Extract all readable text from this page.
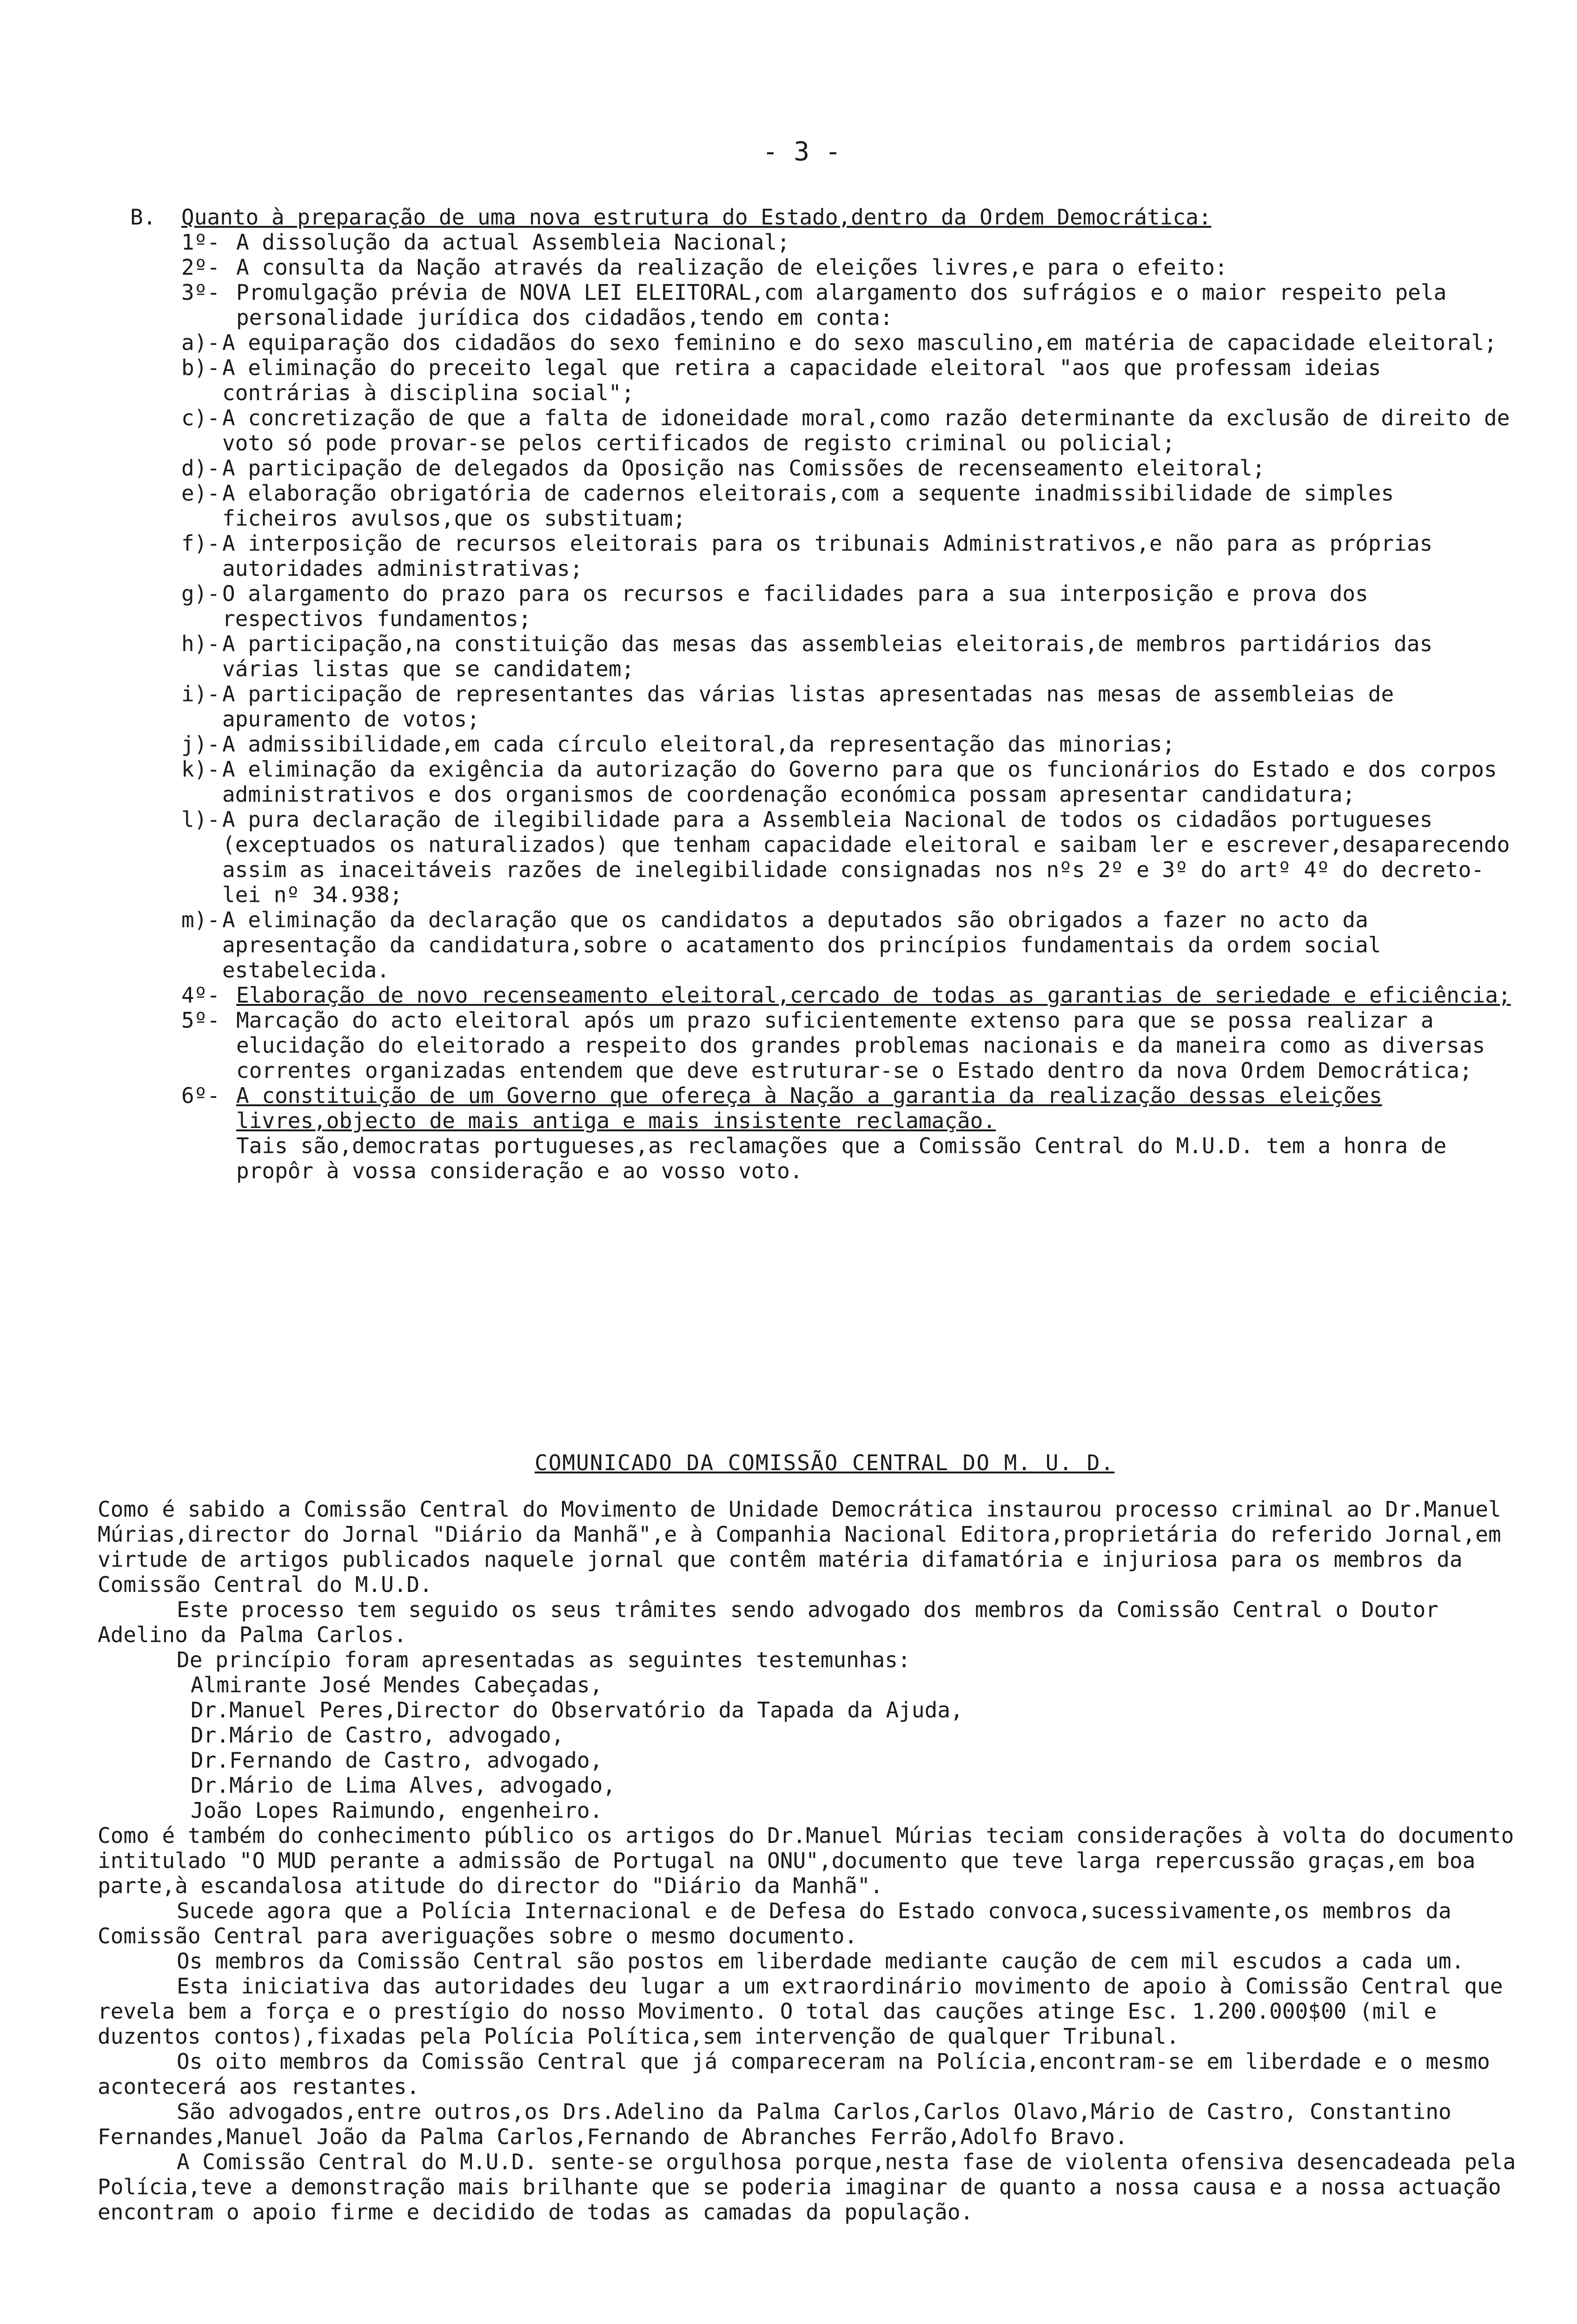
- 3 -
B.	Quanto à preparação de uma nova estrutura do Estado,dentro da Ordem Democrática:
1º- A dissolução da actual Assembleia Nacional;
2º- A consulta da Nação através da realização de eleições livres,e para o efeito:
3º- Promulgação prévia de NOVA LEI ELEITORAL,com alargamento dos sufrágios e o maior respeito pela personalidade jurídica dos cidadãos,tendo em conta:
a)- A equiparação dos cidadãos do sexo feminino e do sexo masculino,em matéria de capacidade eleitoral;
b)- A eliminação do preceito legal que retira a capacidade eleitoral "aos que professam ideias contrárias à disciplina social";
c)- A concretização de que a falta de idoneidade moral,como razão determinante da exclusão de direito de voto só pode provar-se pelos certificados de registo criminal ou policial;
d)- A participação de delegados da Oposição nas Comissões de recenseamento eleitoral;
e)- A elaboração obrigatória de cadernos eleitorais,com a sequente inadmissibilidade de simples ficheiros avulsos,que os substituam;
f)- A interposição de recursos eleitorais para os tribunais Administrativos,e não para as próprias autoridades administrativas;
g)- O alargamento do prazo para os recursos e facilidades para a sua interposição e prova dos respectivos fundamentos;
h)- A participação,na constituição das mesas das assembleias eleitorais,de membros partidários das várias listas que se candidatem;
i)- A participação de representantes das várias listas apresentadas nas mesas de assembleias de apuramento de votos;
j)- A admissibilidade,em cada círculo eleitoral,da representação das minorias;
k)- A eliminação da exigência da autorização do Governo para que os funcionários do Estado e dos corpos administrativos e dos organismos de coordenação económica possam apresentar candidatura;
l)- A pura declaração de ilegibilidade para a Assembleia Nacional de todos os cidadãos portugueses (exceptuados os naturalizados) que tenham capacidade eleitoral e saibam ler e escrever,desaparecendo assim as inaceitáveis razões de inelegibilidade consignadas nos nºs 2º e 3º do artº 4º do decreto-lei nº 34.938;
m)- A eliminação da declaração que os candidatos a deputados são obrigados a fazer no acto da apresentação da candidatura,sobre o acatamento dos princípios fundamentais da ordem social estabelecida.
4º- Elaboração de novo recenseamento eleitoral,cercado de todas as garantias de seriedade e eficiência;
5º- Marcação do acto eleitoral após um prazo suficientemente extenso para que se possa realizar a elucidação do eleitorado a respeito dos grandes problemas nacionais e da maneira como as diversas correntes organizadas entendem que deve estruturar-se o Estado dentro da nova Ordem Democrática;
6º- A constituição de um Governo que ofereça à Nação a garantia da realização dessas eleições livres,objecto de mais antiga e mais insistente reclamação.
Tais são,democratas portugueses,as reclamações que a Comissão Central do M.U.D. tem a honra de propôr à vossa consideração e ao vosso voto.
COMUNICADO DA COMISSÃO CENTRAL DO M. U. D.

Como é sabido a Comissão Central do Movimento de Unidade Democrática instaurou processo criminal ao Dr.Manuel Múrias,director do Jornal "Diário da Manhã",e à Companhia Nacional Editora,proprietária do referido Jornal,em virtude de artigos publicados naquele jornal que contêm matéria difamatória e injuriosa para os membros da Comissão Central do M.U.D.

Este processo tem seguido os seus trâmites sendo advogado dos membros da Comissão Central o Doutor Adelino da Palma Carlos.

De princípio foram apresentadas as seguintes testemunhas:

Almirante José Mendes Cabeçadas,
Dr.Manuel Peres,Director do Observatório da Tapada da Ajuda,
Dr.Mário de Castro, advogado,
Dr.Fernando de Castro, advogado,
Dr.Mário de Lima Alves, advogado,
João Lopes Raimundo, engenheiro.

Como é também do conhecimento público os artigos do Dr.Manuel Múrias teciam considerações à volta do documento intitulado "O MUD perante a admissão de Portugal na ONU",documento que teve larga repercussão graças,em boa parte,à escandalosa atitude do director do "Diário da Manhã".

Sucede agora que a Polícia Internacional e de Defesa do Estado convoca,sucessivamente,os membros da Comissão Central para averiguações sobre o mesmo documento.

Os membros da Comissão Central são postos em liberdade mediante caução de cem mil escudos a cada um.

Esta iniciativa das autoridades deu lugar a um extraordinário movimento de apoio à Comissão Central que revela bem a força e o prestígio do nosso Movimento. O total das cauções atinge Esc. 1.200.000$00 (mil e duzentos contos),fixadas pela Polícia Política,sem intervenção de qualquer Tribunal.

Os oito membros da Comissão Central que já compareceram na Polícia,encontram-se em liberdade e o mesmo acontecerá aos restantes.

São advogados,entre outros,os Drs.Adelino da Palma Carlos,Carlos Olavo,Mário de Castro, Constantino Fernandes,Manuel João da Palma Carlos,Fernando de Abranches Ferrão,Adolfo Bravo.

A Comissão Central do M.U.D. sente-se orgulhosa porque,nesta fase de violenta ofensiva desencadeada pela Polícia,teve a demonstração mais brilhante que se poderia imaginar de quanto a nossa causa e a nossa actuação encontram o apoio firme e decidido de todas as camadas da população.
